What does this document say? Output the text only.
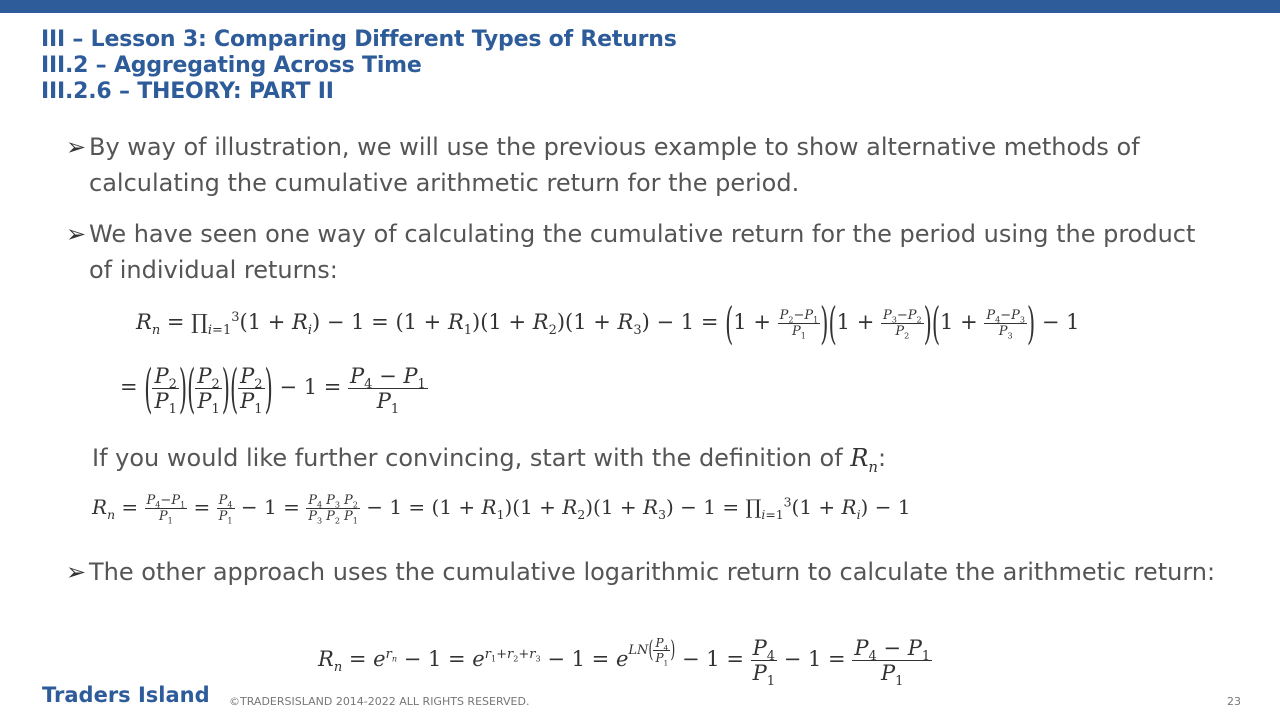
III – Lesson 3: Comparing Different Types of Returns
III.2 – Aggregating Across Time
III.2.6 – THEORY: PART II
➢ By way of illustration, we will use the previous example to show alternative methods of calculating the cumulative arithmetic return for the period.
➢ We have seen one way of calculating the cumulative return for the period using the product of individual returns:
$R_n$ = $\prod_{i=1}^3(1 + R_i) - 1 = (1 + R_1)(1 + R_2)(1 + R_3) - 1 = (1 + \frac{P_2-P_1}{P_1} )(1 + \frac{P_3-P_2}{P_2} )(1 + \frac{P_4-P_3}{P_3}$ ) − 1
= ( $\frac{P_2}{P_1}$ )( $\frac{P_2}{P_1}$ )( $\frac{P_2}{P_1}$ ) − $1 = \frac{P_4 - P_1}{P_1}$
If you would like further convincing, start with the definition of $R_n$:
$R_n = \frac{P_4-P_1}{P_1} = \frac{P_4}{P_1} - 1 = \frac{P_4}{P_3} \frac{P_3}{P_2} \frac{P_2}{P_1} - 1 = (1 + R_1)(1 + R_2)(1 + R_3) - 1$ = $\prod_{i=1}^3(1 + R_i) - 1$
➢ The other approach uses the cumulative logarithmic return to calculate the arithmetic return:
$R_n = e^{r_n} - 1 = e^{r_1+r_2+r_3} - 1 = eLN( \frac{P_4}{P_1}$ ) − $1 = \frac{P_4}{P_1} - 1 = \frac{P_4 - P_1}{P_1}$
Traders Island ©TRADERSISLAND 2014-2022 ALL RIGHTS RESERVED.	23
